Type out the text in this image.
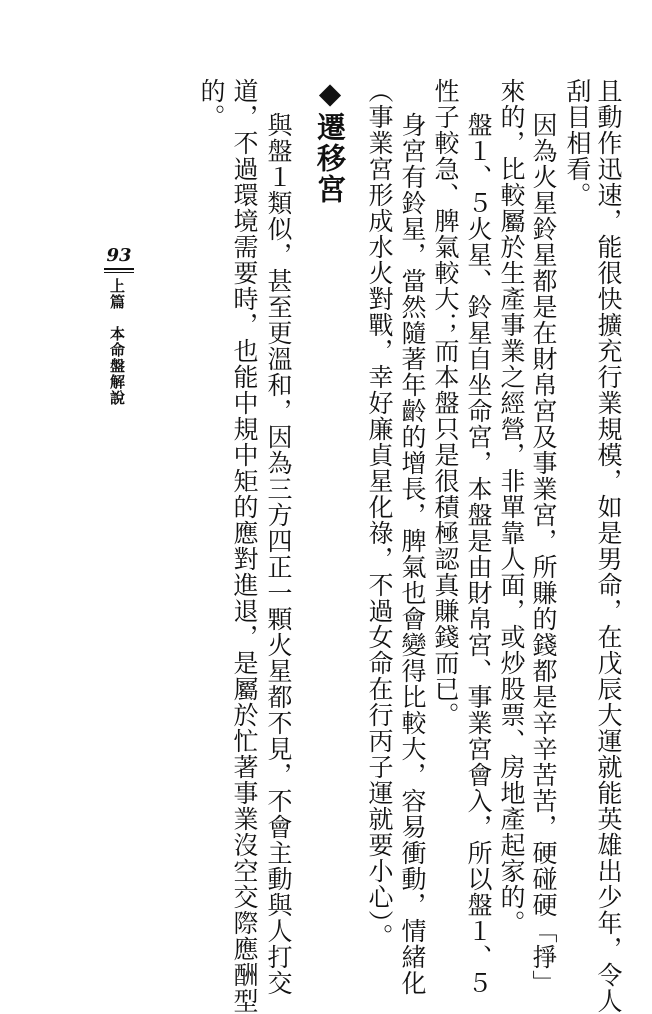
且動作迅速，能很快擴充行業規模，如是男命，在戊辰大運就能英雄出少年，令人
刮目相看。
因為火星鈴星都是在財帛宮及事業宮，所賺的錢都是辛辛苦苦，硬碰硬「掙」
來的，比較屬於生產事業之經營，非單靠人面，或炒股票、房地產起家的。
盤１、５火星、鈴星自坐命宮，本盤是由財帛宮、事業宮會入，所以盤１、５
性子較急、脾氣較大；而本盤只是很積極認真賺錢而已。
身宮有鈴星，當然隨著年齡的增長，脾氣也會變得比較大，容易衝動，情緒化
（事業宮形成水火對戰，幸好廉貞星化祿，不過女命在行丙子運就要小心）。
◆遷移宮
與盤１類似，甚至更溫和，因為三方四正一顆火星都不見，不會主動與人打交
道，不過環境需要時，也能中規中矩的應對進退，是屬於忙著事業沒空交際應酬型
的。
93
上篇　本命盤解說
